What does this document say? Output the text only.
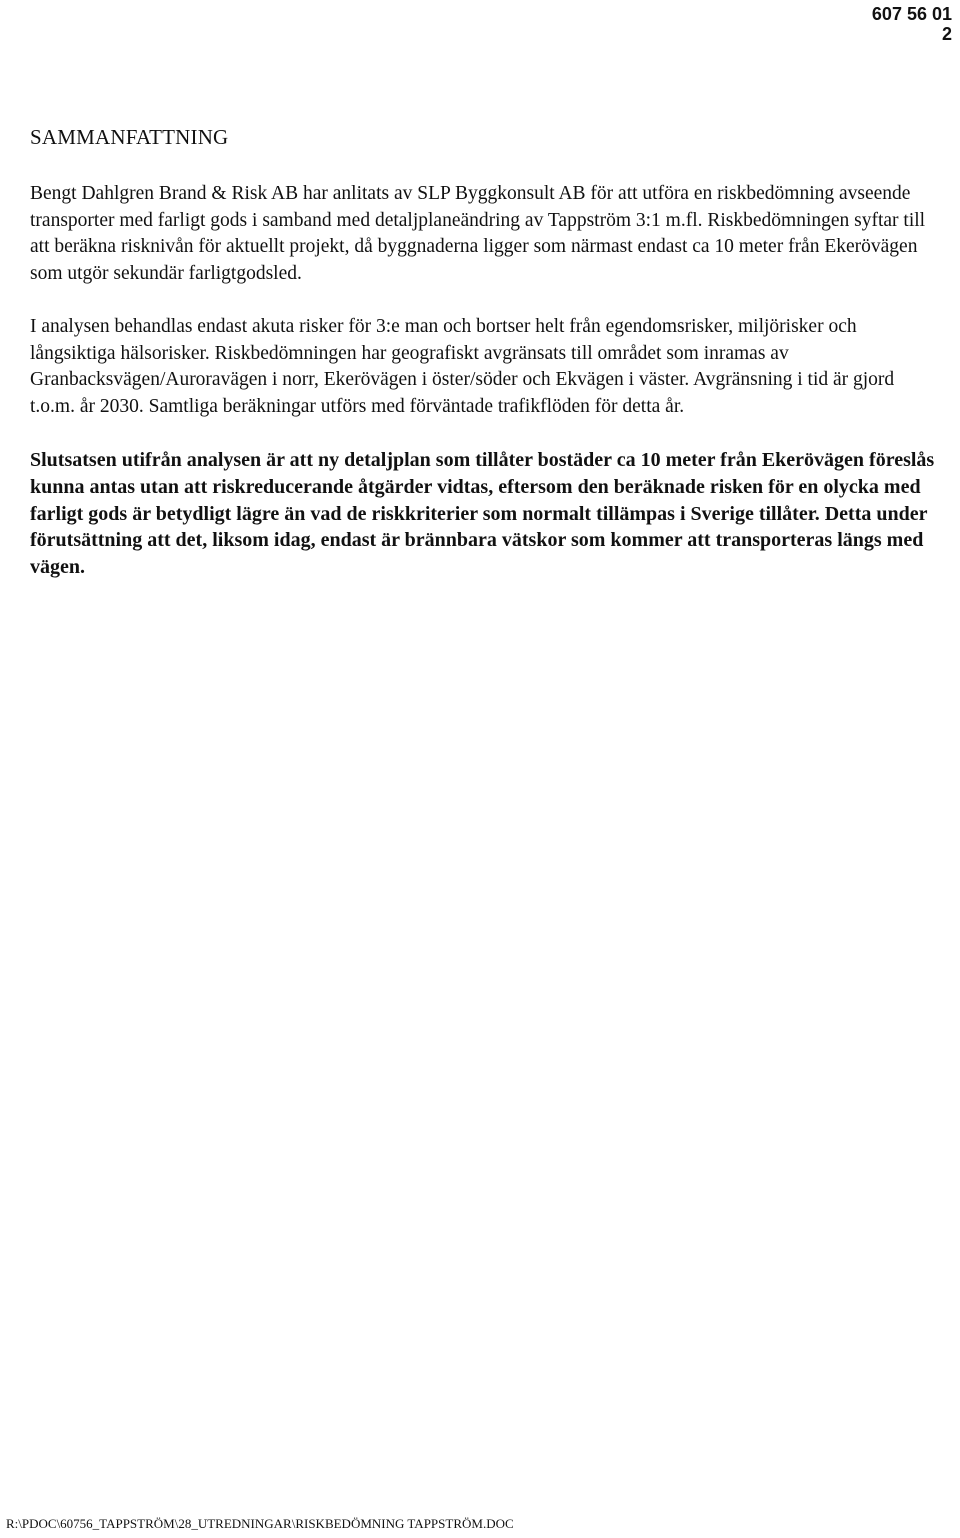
607 56 01
2
SAMMANFATTNING

Bengt Dahlgren Brand & Risk AB har anlitats av SLP Byggkonsult AB för att utföra en riskbedömning avseende transporter med farligt gods i samband med detaljplaneändring av Tappström 3:1 m.fl. Riskbedömningen syftar till att beräkna risknivån för aktuellt projekt, då byggnaderna ligger som närmast endast ca 10 meter från Ekerövägen som utgör sekundär farligtgodsled.

I analysen behandlas endast akuta risker för 3:e man och bortser helt från egendomsrisker, miljörisker och långsiktiga hälsorisker. Riskbedömningen har geografiskt avgränsats till området som inramas av Granbacksvägen/Auroravägen i norr, Ekerövägen i öster/söder och Ekvägen i väster. Avgränsning i tid är gjord t.o.m. år 2030. Samtliga beräkningar utförs med förväntade trafikflöden för detta år.

Slutsatsen utifrån analysen är att ny detaljplan som tillåter bostäder ca 10 meter från Ekerövägen föreslås kunna antas utan att riskreducerande åtgärder vidtas, eftersom den beräknade risken för en olycka med farligt gods är betydligt lägre än vad de riskkriterier som normalt tillämpas i Sverige tillåter. Detta under förutsättning att det, liksom idag, endast är brännbara vätskor som kommer att transporteras längs med vägen.

R:\PDOC\60756_TAPPSTRÖM\28_UTREDNINGAR\RISKBEDÖMNING TAPPSTRÖM.DOC
